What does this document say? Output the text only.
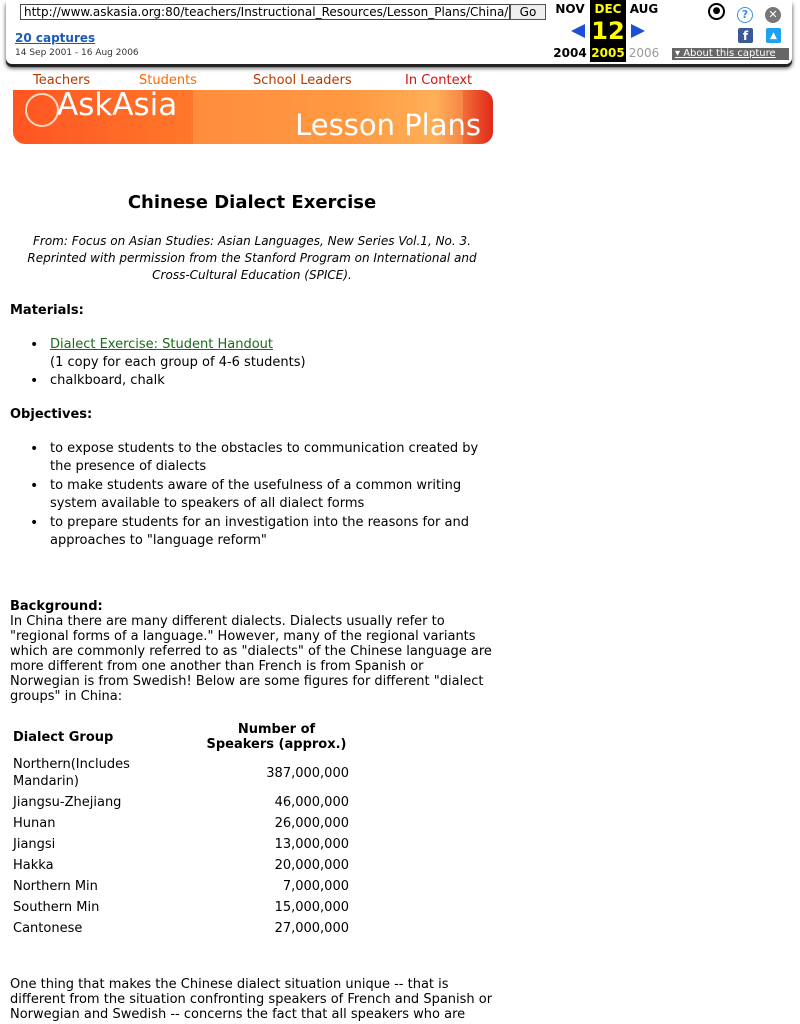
http://www.askasia.org:80/teachers/Instructional_Resources/Lesson_Plans/China/ Go
20 captures
14 Sep 2001 - 16 Aug 2006
NOV
2004
DEC
12
2005
AUG
2006
●	?	✕
f	▲
▾ About this capture
Teachers	Students	School Leaders	In Context
AskAsia
Lesson Plans
Chinese Dialect Exercise
From: Focus on Asian Studies: Asian Languages, New Series Vol.1, No. 3. Reprinted with permission from the Stanford Program on International and Cross-Cultural Education (SPICE).
Materials:
• Dialect Exercise: Student Handout
(1 copy for each group of 4-6 students)
• chalkboard, chalk
Objectives:
• to expose students to the obstacles to communication created by the presence of dialects
• to make students aware of the usefulness of a common writing system available to speakers of all dialect forms
• to prepare students for an investigation into the reasons for and approaches to "language reform"
Background:
In China there are many different dialects. Dialects usually refer to "regional forms of a language." However, many of the regional variants which are commonly referred to as "dialects" of the Chinese language are more different from one another than French is from Spanish or Norwegian is from Swedish! Below are some figures for different "dialect groups" in China:
Dialect Group	Number of Speakers (approx.)
Northern(Includes Mandarin)	387,000,000
Jiangsu-Zhejiang	46,000,000
Hunan	26,000,000
Jiangsi	13,000,000
Hakka	20,000,000
Northern Min	7,000,000
Southern Min	15,000,000
Cantonese	27,000,000
One thing that makes the Chinese dialect situation unique -- that is different from the situation confronting speakers of French and Spanish or Norwegian and Swedish -- concerns the fact that all speakers who are
